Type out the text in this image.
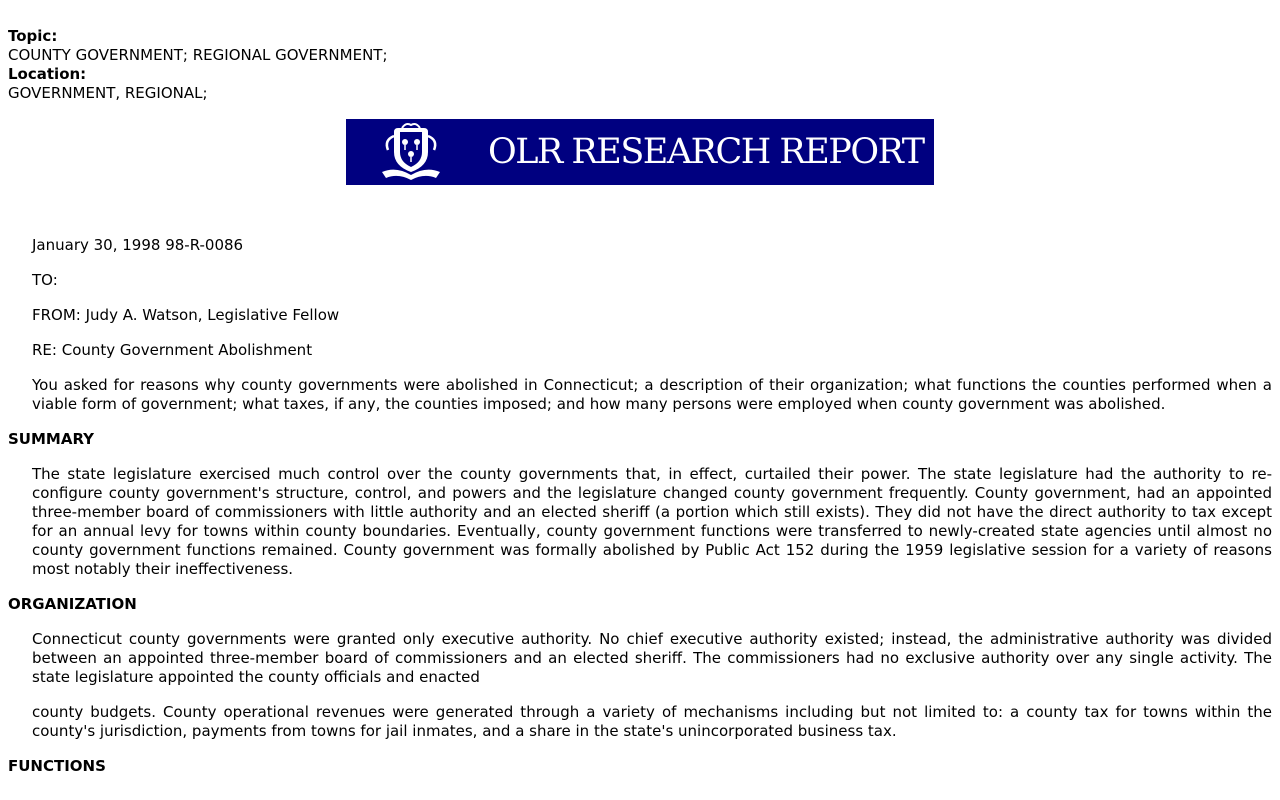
Topic:
COUNTY GOVERNMENT; REGIONAL GOVERNMENT;
Location:
GOVERNMENT, REGIONAL;
OLR RESEARCH REPORT

January 30, 1998 98-R-0086

TO:

FROM: Judy A. Watson, Legislative Fellow

RE: County Government Abolishment

You asked for reasons why county governments were abolished in Connecticut; a description of their organization; what functions the counties performed when a viable form of government; what taxes, if any, the counties imposed; and how many persons were employed when county government was abolished.

SUMMARY

The state legislature exercised much control over the county governments that, in effect, curtailed their power. The state legislature had the authority to re-configure county government's structure, control, and powers and the legislature changed county government frequently. County government, had an appointed three-member board of commissioners with little authority and an elected sheriff (a portion which still exists). They did not have the direct authority to tax except for an annual levy for towns within county boundaries. Eventually, county government functions were transferred to newly-created state agencies until almost no county government functions remained. County government was formally abolished by Public Act 152 during the 1959 legislative session for a variety of reasons most notably their ineffectiveness.

ORGANIZATION

Connecticut county governments were granted only executive authority. No chief executive authority existed; instead, the administrative authority was divided between an appointed three-member board of commissioners and an elected sheriff. The commissioners had no exclusive authority over any single activity. The state legislature appointed the county officials and enacted

county budgets. County operational revenues were generated through a variety of mechanisms including but not limited to: a county tax for towns within the county's jurisdiction, payments from towns for jail inmates, and a share in the state's unincorporated business tax.

FUNCTIONS
